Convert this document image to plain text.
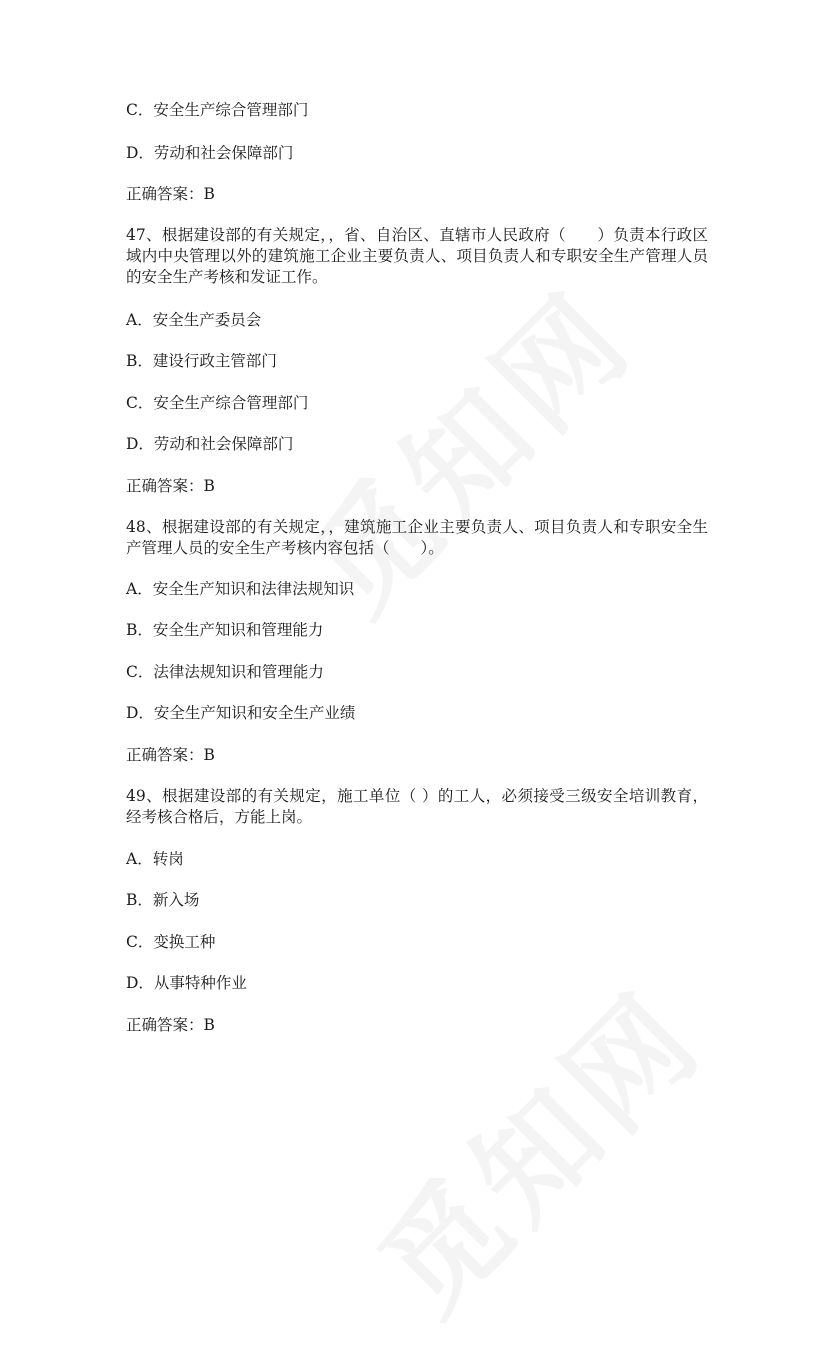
C．安全生产综合管理部门
D．劳动和社会保障部门
正确答案：B
47、根据建设部的有关规定，，省、自治区、直辖市人民政府（　　）负责本行政区域内中央管理以外的建筑施工企业主要负责人、项目负责人和专职安全生产管理人员的安全生产考核和发证工作。
A．安全生产委员会
B．建设行政主管部门
C．安全生产综合管理部门
D．劳动和社会保障部门
正确答案：B
48、根据建设部的有关规定，，建筑施工企业主要负责人、项目负责人和专职安全生产管理人员的安全生产考核内容包括（　　）。
A．安全生产知识和法律法规知识
B．安全生产知识和管理能力
C．法律法规知识和管理能力
D．安全生产知识和安全生产业绩
正确答案：B
49、根据建设部的有关规定，施工单位（ ）的工人，必须接受三级安全培训教育，经考核合格后，方能上岗。
A．转岗
B．新入场
C．变换工种
D．从事特种作业
正确答案：B
